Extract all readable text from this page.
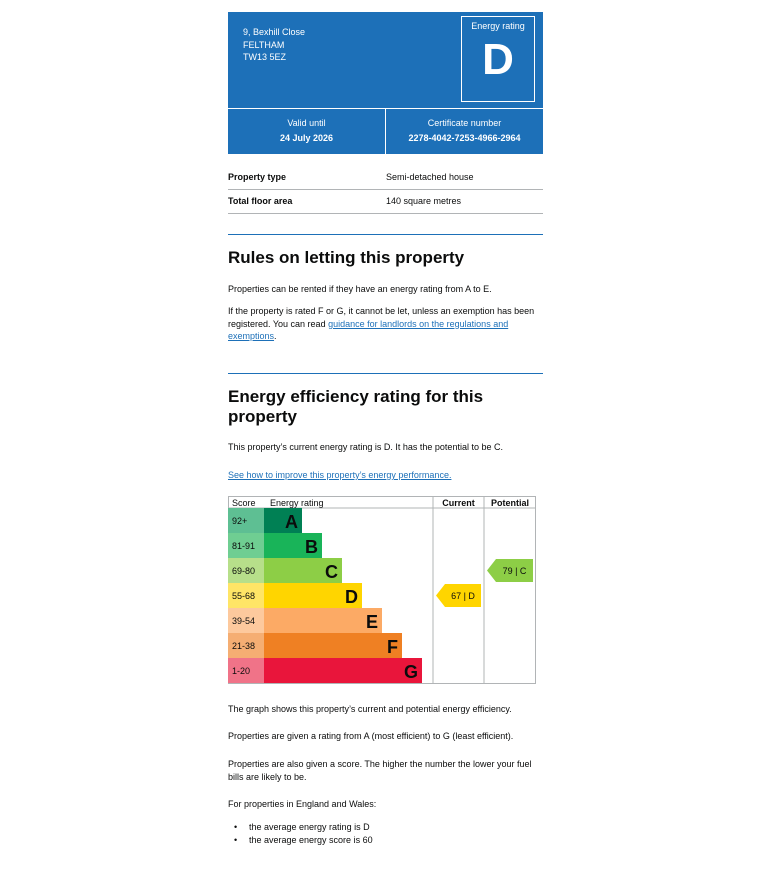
9, Bexhill Close
FELTHAM
TW13 5EZ
Energy rating
D
Valid until
24 July 2026
Certificate number
2278-4042-7253-4966-2964
Property type	Semi-detached house
Total floor area	140 square metres
Rules on letting this property

Properties can be rented if they have an energy rating from A to E.

If the property is rated F or G, it cannot be let, unless an exemption has been registered. You can read guidance for landlords on the regulations and exemptions.

Energy efficiency rating for this property

This property’s current energy rating is D. It has the potential to be C.

See how to improve this property’s energy performance.

Score Energy rating	Current Potential
92+ A
81-91	B
69-80	C
55-68	D
39-54	E
21-38	F
1-20	G
67 | D
79 | C

The graph shows this property’s current and potential energy efficiency.

Properties are given a rating from A (most efficient) to G (least efficient).

Properties are also given a score. The higher the number the lower your fuel bills are likely to be.

For properties in England and Wales:

• the average energy rating is D
• the average energy score is 60
